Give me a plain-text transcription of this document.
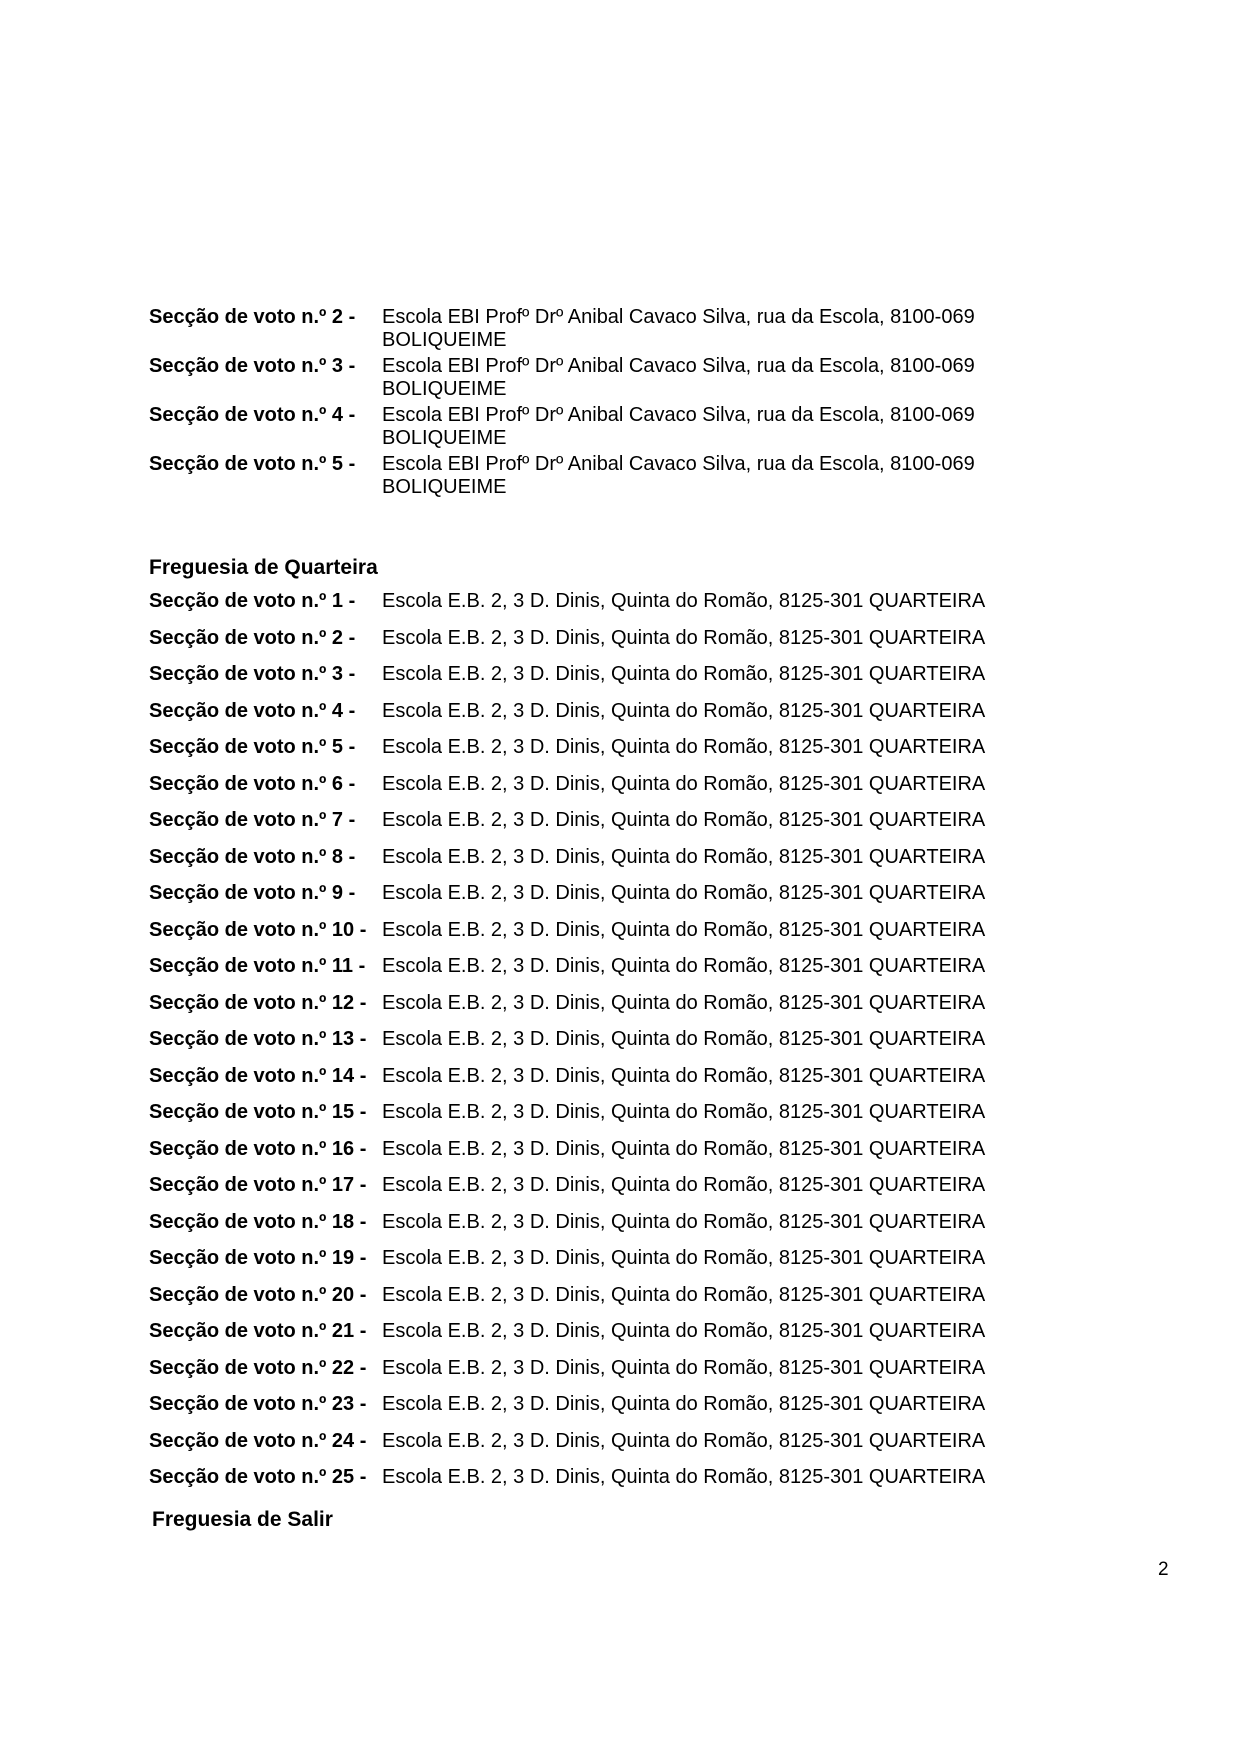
Secção de voto n.º 2 -	Escola EBI Profº Drº Anibal Cavaco Silva, rua da Escola, 8100-069 BOLIQUEIME
Secção de voto n.º 3 -	Escola EBI Profº Drº Anibal Cavaco Silva, rua da Escola, 8100-069 BOLIQUEIME
Secção de voto n.º 4 -	Escola EBI Profº Drº Anibal Cavaco Silva, rua da Escola, 8100-069 BOLIQUEIME
Secção de voto n.º 5 -	Escola EBI Profº Drº Anibal Cavaco Silva, rua da Escola, 8100-069 BOLIQUEIME
Freguesia de Quarteira
Secção de voto n.º 1 -	Escola E.B. 2, 3 D. Dinis, Quinta do Romão, 8125-301 QUARTEIRA
Secção de voto n.º 2 -	Escola E.B. 2, 3 D. Dinis, Quinta do Romão, 8125-301 QUARTEIRA
Secção de voto n.º 3 -	Escola E.B. 2, 3 D. Dinis, Quinta do Romão, 8125-301 QUARTEIRA
Secção de voto n.º 4 -	Escola E.B. 2, 3 D. Dinis, Quinta do Romão, 8125-301 QUARTEIRA
Secção de voto n.º 5 -	Escola E.B. 2, 3 D. Dinis, Quinta do Romão, 8125-301 QUARTEIRA
Secção de voto n.º 6 -	Escola E.B. 2, 3 D. Dinis, Quinta do Romão, 8125-301 QUARTEIRA
Secção de voto n.º 7 -	Escola E.B. 2, 3 D. Dinis, Quinta do Romão, 8125-301 QUARTEIRA
Secção de voto n.º 8 -	Escola E.B. 2, 3 D. Dinis, Quinta do Romão, 8125-301 QUARTEIRA
Secção de voto n.º 9 -	Escola E.B. 2, 3 D. Dinis, Quinta do Romão, 8125-301 QUARTEIRA
Secção de voto n.º 10 - Escola E.B. 2, 3 D. Dinis, Quinta do Romão, 8125-301 QUARTEIRA
Secção de voto n.º 11 - Escola E.B. 2, 3 D. Dinis, Quinta do Romão, 8125-301 QUARTEIRA
Secção de voto n.º 12 - Escola E.B. 2, 3 D. Dinis, Quinta do Romão, 8125-301 QUARTEIRA
Secção de voto n.º 13 - Escola E.B. 2, 3 D. Dinis, Quinta do Romão, 8125-301 QUARTEIRA
Secção de voto n.º 14 - Escola E.B. 2, 3 D. Dinis, Quinta do Romão, 8125-301 QUARTEIRA
Secção de voto n.º 15 - Escola E.B. 2, 3 D. Dinis, Quinta do Romão, 8125-301 QUARTEIRA
Secção de voto n.º 16 - Escola E.B. 2, 3 D. Dinis, Quinta do Romão, 8125-301 QUARTEIRA
Secção de voto n.º 17 - Escola E.B. 2, 3 D. Dinis, Quinta do Romão, 8125-301 QUARTEIRA
Secção de voto n.º 18 - Escola E.B. 2, 3 D. Dinis, Quinta do Romão, 8125-301 QUARTEIRA
Secção de voto n.º 19 - Escola E.B. 2, 3 D. Dinis, Quinta do Romão, 8125-301 QUARTEIRA
Secção de voto n.º 20 - Escola E.B. 2, 3 D. Dinis, Quinta do Romão, 8125-301 QUARTEIRA
Secção de voto n.º 21 - Escola E.B. 2, 3 D. Dinis, Quinta do Romão, 8125-301 QUARTEIRA
Secção de voto n.º 22 - Escola E.B. 2, 3 D. Dinis, Quinta do Romão, 8125-301 QUARTEIRA
Secção de voto n.º 23 - Escola E.B. 2, 3 D. Dinis, Quinta do Romão, 8125-301 QUARTEIRA
Secção de voto n.º 24 - Escola E.B. 2, 3 D. Dinis, Quinta do Romão, 8125-301 QUARTEIRA
Secção de voto n.º 25 - Escola E.B. 2, 3 D. Dinis, Quinta do Romão, 8125-301 QUARTEIRA
Freguesia de Salir
2
